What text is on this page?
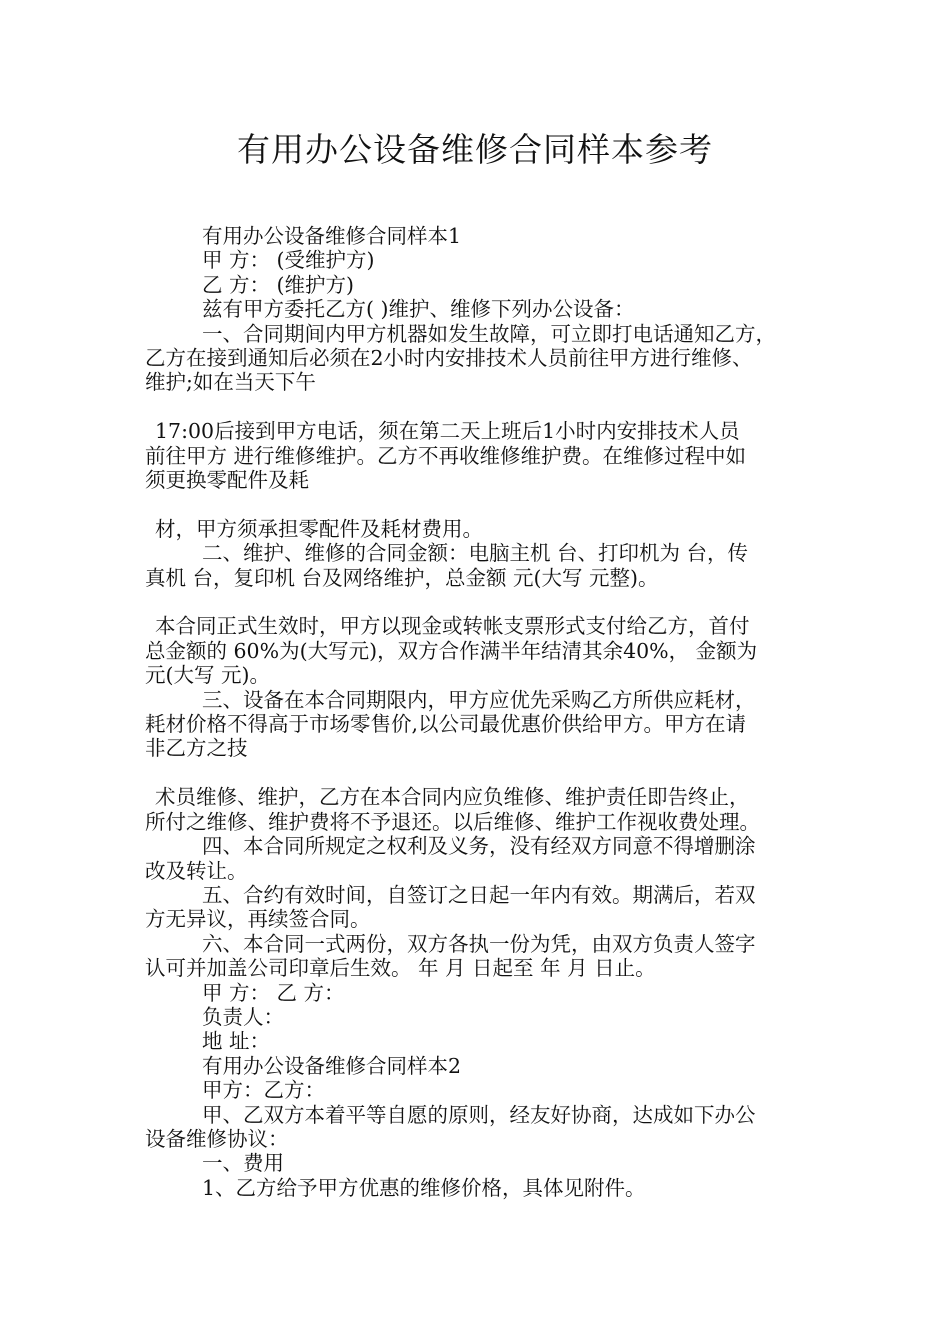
有用办公设备维修合同样本参考

有用办公设备维修合同样本1

甲 方： (受维护方)

乙 方： (维护方)

兹有甲方委托乙方( )维护、维修下列办公设备：

一、合同期间内甲方机器如发生故障，可立即打电话通知乙方，

乙方在接到通知后必须在2小时内安排技术人员前往甲方进行维修、

维护;如在当天下午

17:00后接到甲方电话，须在第二天上班后1小时内安排技术人员

前往甲方 进行维修维护。乙方不再收维修维护费。在维修过程中如

须更换零配件及耗

材，甲方须承担零配件及耗材费用。

二、维护、维修的合同金额：电脑主机 台、打印机为 台，传

真机 台，复印机 台及网络维护，总金额 元(大写 元整)。

本合同正式生效时，甲方以现金或转帐支票形式支付给乙方，首付

总金额的 60%为(大写元)，双方合作满半年结清其余40%， 金额为

元(大写 元)。

三、设备在本合同期限内，甲方应优先采购乙方所供应耗材，

耗材价格不得高于市场零售价,以公司最优惠价供给甲方。甲方在请

非乙方之技

术员维修、维护，乙方在本合同内应负维修、维护责任即告终止，

所付之维修、维护费将不予退还。以后维修、维护工作视收费处理。

四、本合同所规定之权利及义务，没有经双方同意不得增删涂

改及转让。

五、合约有效时间，自签订之日起一年内有效。期满后，若双

方无异议，再续签合同。

六、本合同一式两份，双方各执一份为凭，由双方负责人签字

认可并加盖公司印章后生效。 年 月 日起至 年 月 日止。

甲 方： 乙 方：

负责人：

地 址：

有用办公设备维修合同样本2

甲方：乙方：

甲、乙双方本着平等自愿的原则，经友好协商，达成如下办公

设备维修协议：

一、费用

1、乙方给予甲方优惠的维修价格，具体见附件。
